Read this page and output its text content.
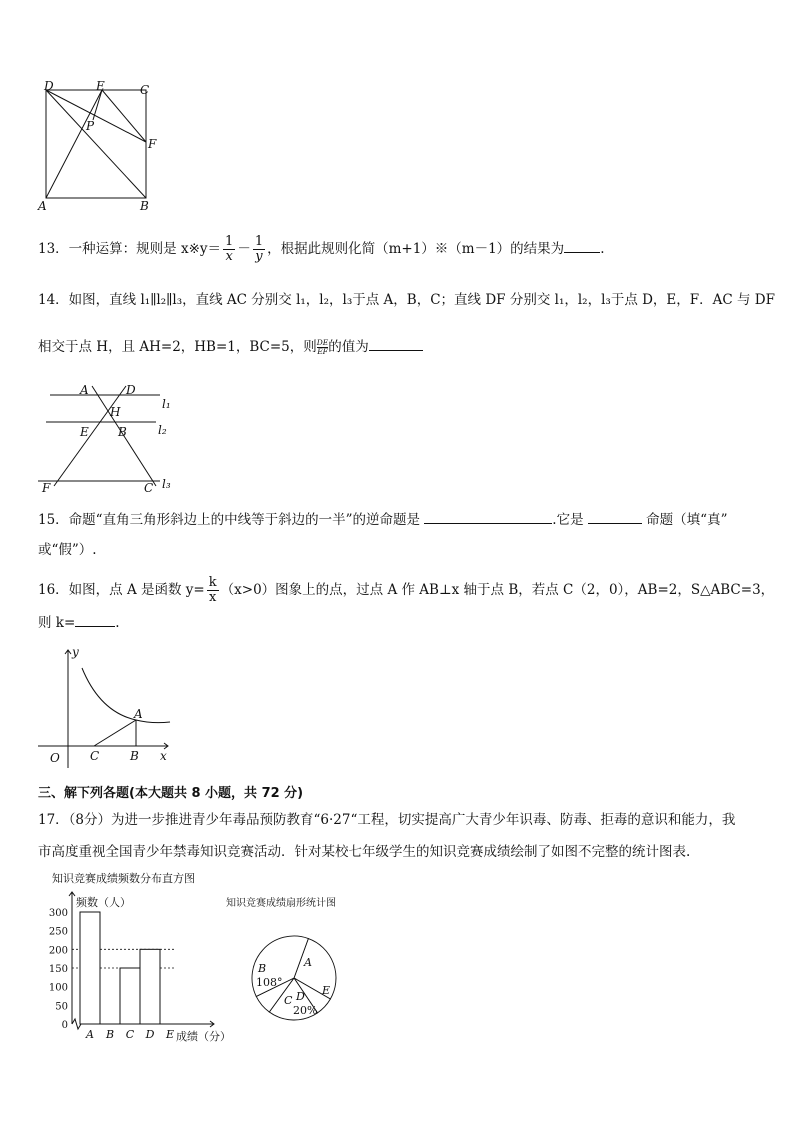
D	E	C
P
F
A	B
13．一种运算：规则是 x※y＝ $\frac{1}{x} - \frac{1}{y}$ ，根据此规则化简（m+1）※（m－1）的结果为	.
14．如图，直线 l₁∥l₂∥l₃，直线 AC 分别交 l₁，l₂，l₃于点 A，B，C；直线 DF 分别交 l₁，l₂，l₃于点 D，E，F．AC 与 DF
相交于点 H，且 AH=2，HB=1，BC=5，则 $\frac{DE}{EF}$的值为
A	D
l₁
H
E B	l₂
F	C l₃
15．命题“直角三角形斜边上的中线等于斜边的一半”的逆命题是	.它是	命题（填“真”
或“假”）.
16．如图，点 A 是函数 $y= \frac{k}{x} (x>0)$图象上的点，过点 A 作 AB⊥x 轴于点 B，若点 C（2，0），AB=2，S△ABC=3，
则 k=	.
y
A
O	C	B x
三、解下列各题(本大题共 8 小题，共 72 分)
17．（8分）为进一步推进青少年毒品预防教育“6·27“工程，切实提高广大青少年识毒、防毒、拒毒的意识和能力，我
市高度重视全国青少年禁毒知识竞赛活动．针对某校七年级学生的知识竞赛成绩绘制了如图不完整的统计图表.
知识竞赛成绩频数分布直方图
频数（人）
成绩（分）
0
50
100
150
200
250
300
A B C D E
知识竞赛成绩扇形统计图
A
B
108°
C D
20%
E
